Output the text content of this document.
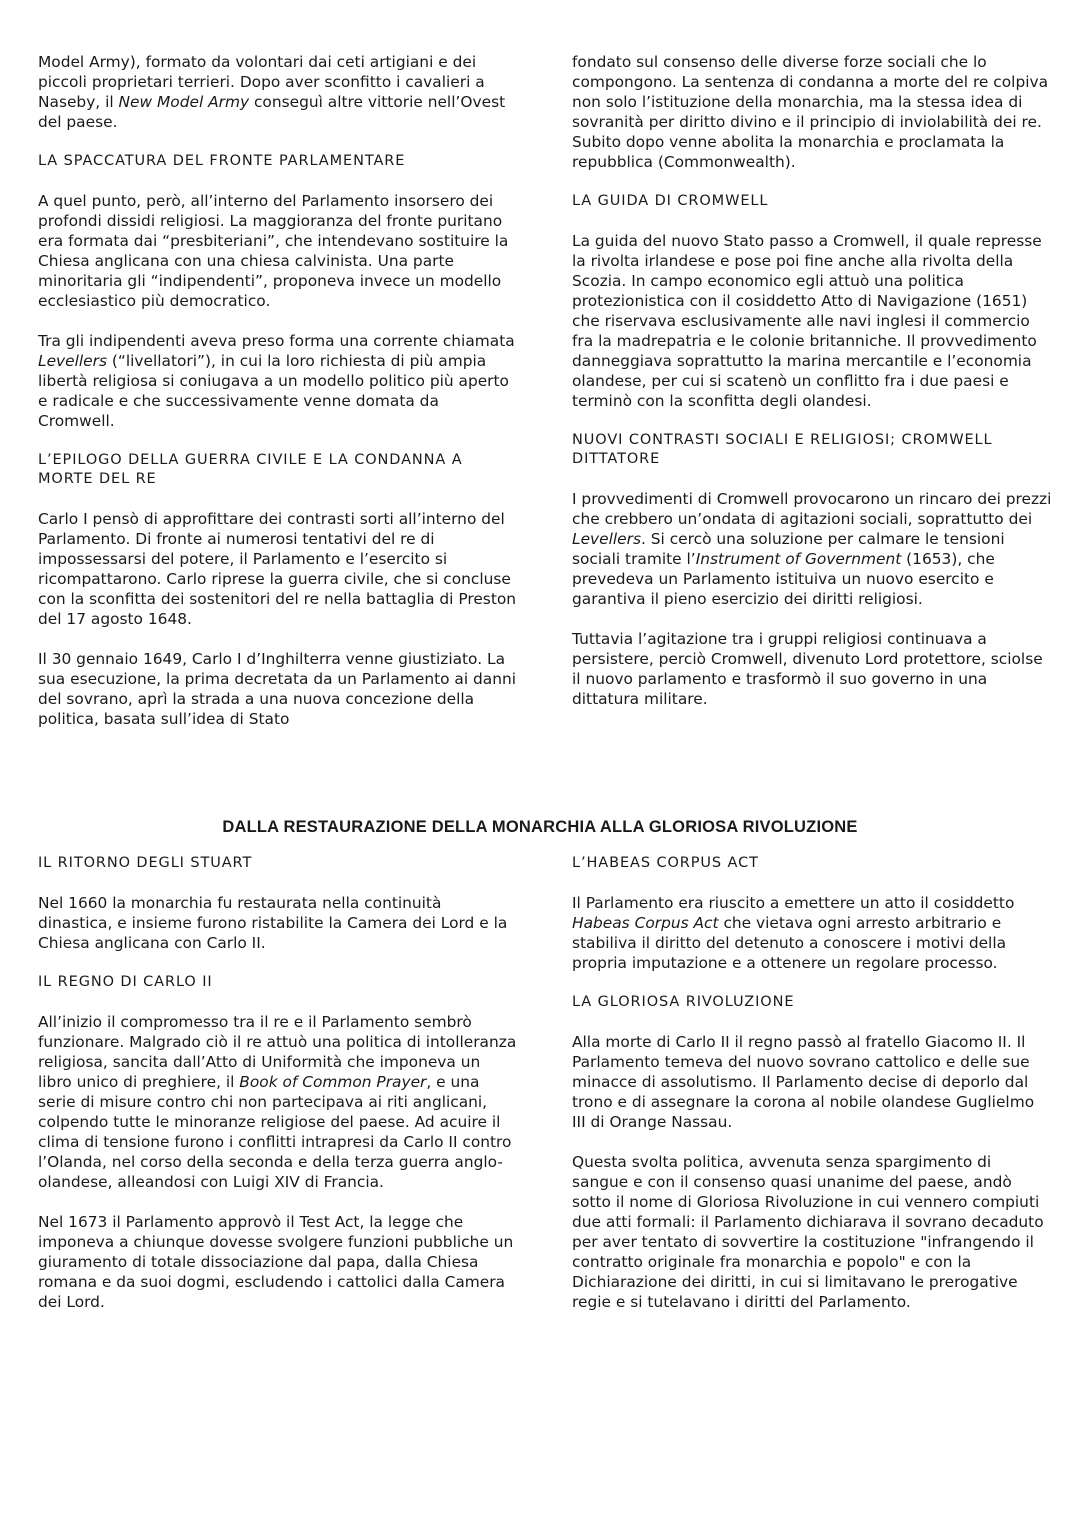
Model Army), formato da volontari dai ceti artigiani e dei piccoli proprietari terrieri. Dopo aver sconfitto i cavalieri a Naseby, il New Model Army conseguì altre vittorie nell’Ovest del paese.

LA SPACCATURA DEL FRONTE PARLAMENTARE

A quel punto, però, all’interno del Parlamento insorsero dei profondi dissidi religiosi. La maggioranza del fronte puritano era formata dai “presbiteriani”, che intendevano sostituire la Chiesa anglicana con una chiesa calvinista. Una parte minoritaria gli “indipendenti”, proponeva invece un modello ecclesiastico più democratico.

Tra gli indipendenti aveva preso forma una corrente chiamata Levellers (“livellatori”), in cui la loro richiesta di più ampia libertà religiosa si coniugava a un modello politico più aperto e radicale e che successivamente venne domata da Cromwell.

L’EPILOGO DELLA GUERRA CIVILE E LA CONDANNA A MORTE DEL RE

Carlo I pensò di approfittare dei contrasti sorti all’interno del Parlamento. Di fronte ai numerosi tentativi del re di impossessarsi del potere, il Parlamento e l’esercito si ricompattarono. Carlo riprese la guerra civile, che si concluse con la sconfitta dei sostenitori del re nella battaglia di Preston del 17 agosto 1648.

Il 30 gennaio 1649, Carlo I d’Inghilterra venne giustiziato. La sua esecuzione, la prima decretata da un Parlamento ai danni del sovrano, aprì la strada a una nuova concezione della politica, basata sull’idea di Stato

fondato sul consenso delle diverse forze sociali che lo compongono. La sentenza di condanna a morte del re colpiva non solo l’istituzione della monarchia, ma la stessa idea di sovranità per diritto divino e il principio di inviolabilità dei re. Subito dopo venne abolita la monarchia e proclamata la repubblica (Commonwealth).

LA GUIDA DI CROMWELL

La guida del nuovo Stato passo a Cromwell, il quale represse la rivolta irlandese e pose poi fine anche alla rivolta della Scozia. In campo economico egli attuò una politica protezionistica con il cosiddetto Atto di Navigazione (1651) che riservava esclusivamente alle navi inglesi il commercio fra la madrepatria e le colonie britanniche. Il provvedimento danneggiava soprattutto la marina mercantile e l’economia olandese, per cui si scatenò un conflitto fra i due paesi e terminò con la sconfitta degli olandesi.

NUOVI CONTRASTI SOCIALI E RELIGIOSI; CROMWELL DITTATORE

I provvedimenti di Cromwell provocarono un rincaro dei prezzi che crebbero un’ondata di agitazioni sociali, soprattutto dei Levellers. Si cercò una soluzione per calmare le tensioni sociali tramite l’Instrument of Government (1653), che prevedeva un Parlamento istituiva un nuovo esercito e garantiva il pieno esercizio dei diritti religiosi.

Tuttavia l’agitazione tra i gruppi religiosi continuava a persistere, perciò Cromwell, divenuto Lord protettore, sciolse il nuovo parlamento e trasformò il suo governo in una dittatura militare.

DALLA RESTAURAZIONE DELLA MONARCHIA ALLA GLORIOSA RIVOLUZIONE
IL RITORNO DEGLI STUART

Nel 1660 la monarchia fu restaurata nella continuità dinastica, e insieme furono ristabilite la Camera dei Lord e la Chiesa anglicana con Carlo II.

IL REGNO DI CARLO II

All’inizio il compromesso tra il re e il Parlamento sembrò funzionare. Malgrado ciò il re attuò una politica di intolleranza religiosa, sancita dall’Atto di Uniformità che imponeva un libro unico di preghiere, il Book of Common Prayer, e una serie di misure contro chi non partecipava ai riti anglicani, colpendo tutte le minoranze religiose del paese. Ad acuire il clima di tensione furono i conflitti intrapresi da Carlo II contro l’Olanda, nel corso della seconda e della terza guerra anglo-olandese, alleandosi con Luigi XIV di Francia.

Nel 1673 il Parlamento approvò il Test Act, la legge che imponeva a chiunque dovesse svolgere funzioni pubbliche un giuramento di totale dissociazione dal papa, dalla Chiesa romana e da suoi dogmi, escludendo i cattolici dalla Camera dei Lord.

L’HABEAS CORPUS ACT

Il Parlamento era riuscito a emettere un atto il cosiddetto Habeas Corpus Act che vietava ogni arresto arbitrario e stabiliva il diritto del detenuto a conoscere i motivi della propria imputazione e a ottenere un regolare processo.

LA GLORIOSA RIVOLUZIONE

Alla morte di Carlo II il regno passò al fratello Giacomo II. Il Parlamento temeva del nuovo sovrano cattolico e delle sue minacce di assolutismo. Il Parlamento decise di deporlo dal trono e di assegnare la corona al nobile olandese Guglielmo III di Orange Nassau.

Questa svolta politica, avvenuta senza spargimento di sangue e con il consenso quasi unanime del paese, andò sotto il nome di Gloriosa Rivoluzione in cui vennero compiuti due atti formali: il Parlamento dichiarava il sovrano decaduto per aver tentato di sovvertire la costituzione "infrangendo il contratto originale fra monarchia e popolo" e con la Dichiarazione dei diritti, in cui si limitavano le prerogative regie e si tutelavano i diritti del Parlamento.
